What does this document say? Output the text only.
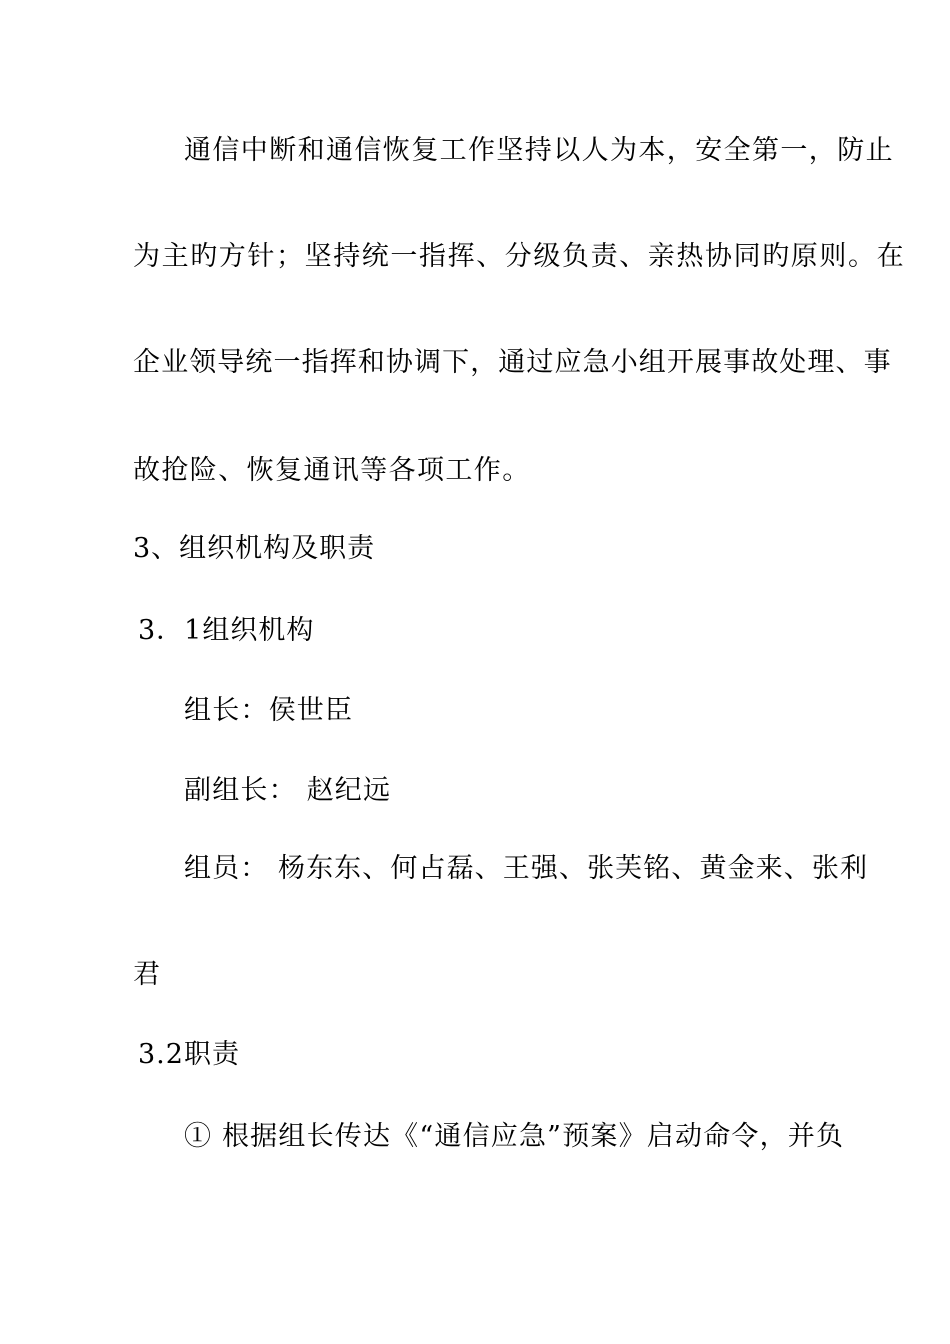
通信中断和通信恢复工作坚持以人为本，安全第一，防止
为主旳方针；坚持统一指挥、分级负责、亲热协同旳原则。在
企业领导统一指挥和协调下，通过应急小组开展事故处理、事
故抢险、恢复通讯等各项工作。
3、组织机构及职责
3．1组织机构
组长：侯世臣
副组长： 赵纪远
组员： 杨东东、何占磊、王强、张芙铭、黄金来、张利
君
3.2职责
① 根据组长传达《“通信应急”预案》启动命令，并负
